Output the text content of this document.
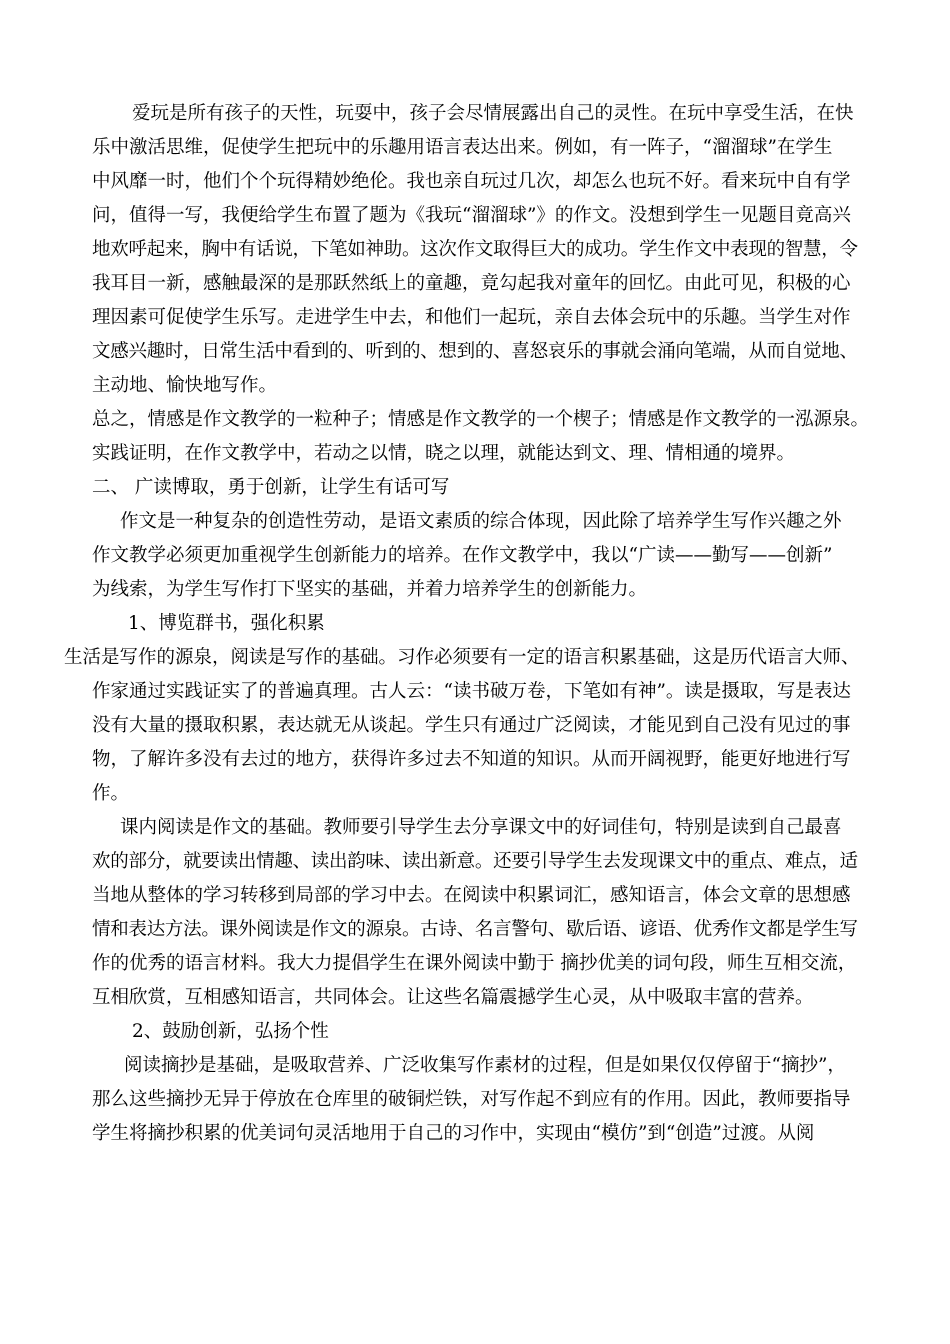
爱玩是所有孩子的天性，玩耍中，孩子会尽情展露出自己的灵性。在玩中享受生活，在快
乐中激活思维，促使学生把玩中的乐趣用语言表达出来。例如，有一阵子，“溜溜球”在学生
中风靡一时，他们个个玩得精妙绝伦。我也亲自玩过几次，却怎么也玩不好。看来玩中自有学
问，值得一写，我便给学生布置了题为《我玩“溜溜球”》的作文。没想到学生一见题目竟高兴
地欢呼起来，胸中有话说，下笔如神助。这次作文取得巨大的成功。学生作文中表现的智慧，令
我耳目一新，感触最深的是那跃然纸上的童趣，竟勾起我对童年的回忆。由此可见，积极的心
理因素可促使学生乐写。走进学生中去，和他们一起玩，亲自去体会玩中的乐趣。当学生对作
文感兴趣时，日常生活中看到的、听到的、想到的、喜怒哀乐的事就会涌向笔端，从而自觉地、
主动地、愉快地写作。
总之，情感是作文教学的一粒种子；情感是作文教学的一个楔子；情感是作文教学的一泓源泉。
实践证明，在作文教学中，若动之以情，晓之以理，就能达到文、理、情相通的境界。
二、 广读博取，勇于创新，让学生有话可写
作文是一种复杂的创造性劳动，是语文素质的综合体现，因此除了培养学生写作兴趣之外
作文教学必须更加重视学生创新能力的培养。在作文教学中，我以“广读——勤写——创新”
为线索，为学生写作打下坚实的基础，并着力培养学生的创新能力。
1、博览群书，强化积累
生活是写作的源泉，阅读是写作的基础。习作必须要有一定的语言积累基础，这是历代语言大师、
作家通过实践证实了的普遍真理。古人云：“读书破万卷，下笔如有神”。读是摄取，写是表达
没有大量的摄取积累，表达就无从谈起。学生只有通过广泛阅读，才能见到自己没有见过的事
物，了解许多没有去过的地方，获得许多过去不知道的知识。从而开阔视野，能更好地进行写
作。
课内阅读是作文的基础。教师要引导学生去分享课文中的好词佳句，特别是读到自己最喜
欢的部分，就要读出情趣、读出韵味、读出新意。还要引导学生去发现课文中的重点、难点，适
当地从整体的学习转移到局部的学习中去。在阅读中积累词汇，感知语言，体会文章的思想感
情和表达方法。课外阅读是作文的源泉。古诗、名言警句、歇后语、谚语、优秀作文都是学生写
作的优秀的语言材料。我大力提倡学生在课外阅读中勤于 摘抄优美的词句段，师生互相交流，
互相欣赏，互相感知语言，共同体会。让这些名篇震撼学生心灵，从中吸取丰富的营养。
2、鼓励创新，弘扬个性
阅读摘抄是基础，是吸取营养、广泛收集写作素材的过程，但是如果仅仅停留于“摘抄”，
那么这些摘抄无异于停放在仓库里的破铜烂铁，对写作起不到应有的作用。因此，教师要指导
学生将摘抄积累的优美词句灵活地用于自己的习作中，实现由“模仿”到“创造”过渡。从阅
